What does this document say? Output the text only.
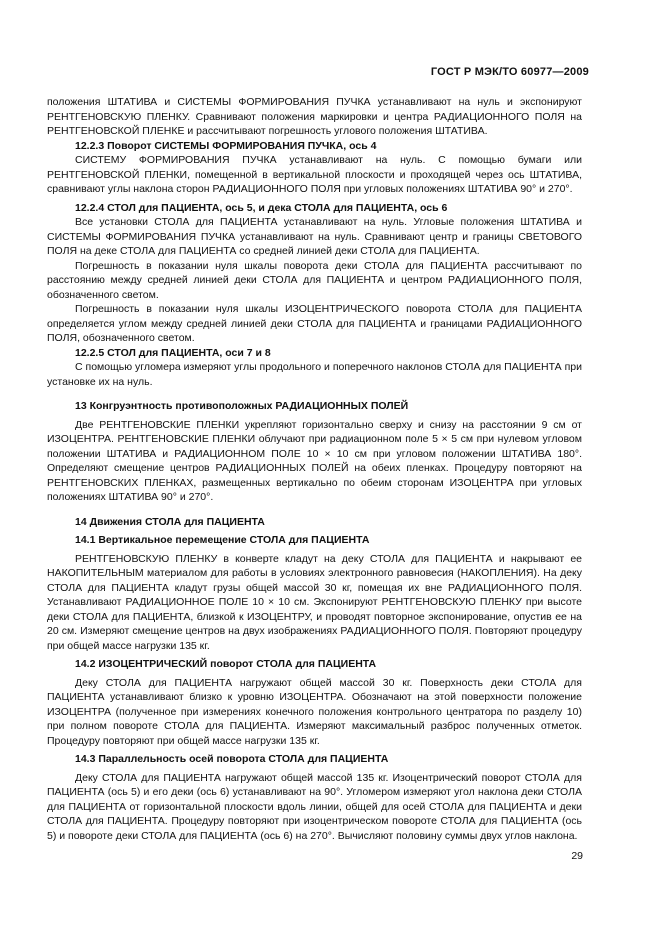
ГОСТ Р МЭК/ТО 60977—2009

положения ШТАТИВА и СИСТЕМЫ ФОРМИРОВАНИЯ ПУЧКА устанавливают на нуль и экспонируют РЕНТГЕНОВСКУЮ ПЛЕНКУ. Сравнивают положения маркировки и центра РАДИАЦИОННОГО ПОЛЯ на РЕНТГЕНОВСКОЙ ПЛЕНКЕ и рассчитывают погрешность углового положения ШТАТИВА.

12.2.3 Поворот СИСТЕМЫ ФОРМИРОВАНИЯ ПУЧКА, ось 4

СИСТЕМУ ФОРМИРОВАНИЯ ПУЧКА устанавливают на нуль. С помощью бумаги или РЕНТГЕНОВСКОЙ ПЛЕНКИ, помещенной в вертикальной плоскости и проходящей через ось ШТАТИВА, сравнивают углы наклона сторон РАДИАЦИОННОГО ПОЛЯ при угловых положениях ШТАТИВА 90° и 270°.

12.2.4 СТОЛ для ПАЦИЕНТА, ось 5, и дека СТОЛА для ПАЦИЕНТА, ось 6

Все установки СТОЛА для ПАЦИЕНТА устанавливают на нуль. Угловые положения ШТАТИВА и СИСТЕМЫ ФОРМИРОВАНИЯ ПУЧКА устанавливают на нуль. Сравнивают центр и границы СВЕТОВОГО ПОЛЯ на деке СТОЛА для ПАЦИЕНТА со средней линией деки СТОЛА для ПАЦИЕНТА.

Погрешность в показании нуля шкалы поворота деки СТОЛА для ПАЦИЕНТА рассчитывают по расстоянию между средней линией деки СТОЛА для ПАЦИЕНТА и центром РАДИАЦИОННОГО ПОЛЯ, обозначенного светом.

Погрешность в показании нуля шкалы ИЗОЦЕНТРИЧЕСКОГО поворота СТОЛА для ПАЦИЕНТА определяется углом между средней линией деки СТОЛА для ПАЦИЕНТА и границами РАДИАЦИОННОГО ПОЛЯ, обозначенного светом.

12.2.5 СТОЛ для ПАЦИЕНТА, оси 7 и 8

С помощью угломера измеряют углы продольного и поперечного наклонов СТОЛА для ПАЦИЕНТА при установке их на нуль.

13 Конгруэнтность противоположных РАДИАЦИОННЫХ ПОЛЕЙ

Две РЕНТГЕНОВСКИЕ ПЛЕНКИ укрепляют горизонтально сверху и снизу на расстоянии 9 см от ИЗОЦЕНТРА. РЕНТГЕНОВСКИЕ ПЛЕНКИ облучают при радиационном поле 5 × 5 см при нулевом угловом положении ШТАТИВА и РАДИАЦИОННОМ ПОЛЕ 10 × 10 см при угловом положении ШТАТИВА 180°. Определяют смещение центров РАДИАЦИОННЫХ ПОЛЕЙ на обеих пленках. Процедуру повторяют на РЕНТГЕНОВСКИХ ПЛЕНКАХ, размещенных вертикально по обеим сторонам ИЗОЦЕНТРА при угловых положениях ШТАТИВА 90° и 270°.

14 Движения СТОЛА для ПАЦИЕНТА

14.1 Вертикальное перемещение СТОЛА для ПАЦИЕНТА

РЕНТГЕНОВСКУЮ ПЛЕНКУ в конверте кладут на деку СТОЛА для ПАЦИЕНТА и накрывают ее НАКОПИТЕЛЬНЫМ материалом для работы в условиях электронного равновесия (НАКОПЛЕНИЯ). На деку СТОЛА для ПАЦИЕНТА кладут грузы общей массой 30 кг, помещая их вне РАДИАЦИОННОГО ПОЛЯ. Устанавливают РАДИАЦИОННОЕ ПОЛЕ 10 × 10 см. Экспонируют РЕНТГЕНОВСКУЮ ПЛЕНКУ при высоте деки СТОЛА для ПАЦИЕНТА, близкой к ИЗОЦЕНТРУ, и проводят повторное экспонирование, опустив ее на 20 см. Измеряют смещение центров на двух изображениях РАДИАЦИОННОГО ПОЛЯ. Повторяют процедуру при общей массе нагрузки 135 кг.

14.2 ИЗОЦЕНТРИЧЕСКИЙ поворот СТОЛА для ПАЦИЕНТА

Деку СТОЛА для ПАЦИЕНТА нагружают общей массой 30 кг. Поверхность деки СТОЛА для ПАЦИЕНТА устанавливают близко к уровню ИЗОЦЕНТРА. Обозначают на этой поверхности положение ИЗОЦЕНТРА (полученное при измерениях конечного положения контрольного центратора по разделу 10) при полном повороте СТОЛА для ПАЦИЕНТА. Измеряют максимальный разброс полученных отметок. Процедуру повторяют при общей массе нагрузки 135 кг.

14.3 Параллельность осей поворота СТОЛА для ПАЦИЕНТА

Деку СТОЛА для ПАЦИЕНТА нагружают общей массой 135 кг. Изоцентрический поворот СТОЛА для ПАЦИЕНТА (ось 5) и его деки (ось 6) устанавливают на 90°. Угломером измеряют угол наклона деки СТОЛА для ПАЦИЕНТА от горизонтальной плоскости вдоль линии, общей для осей СТОЛА для ПАЦИЕНТА и деки СТОЛА для ПАЦИЕНТА. Процедуру повторяют при изоцентрическом повороте СТОЛА для ПАЦИЕНТА (ось 5) и повороте деки СТОЛА для ПАЦИЕНТА (ось 6) на 270°. Вычисляют половину суммы двух углов наклона.

29
